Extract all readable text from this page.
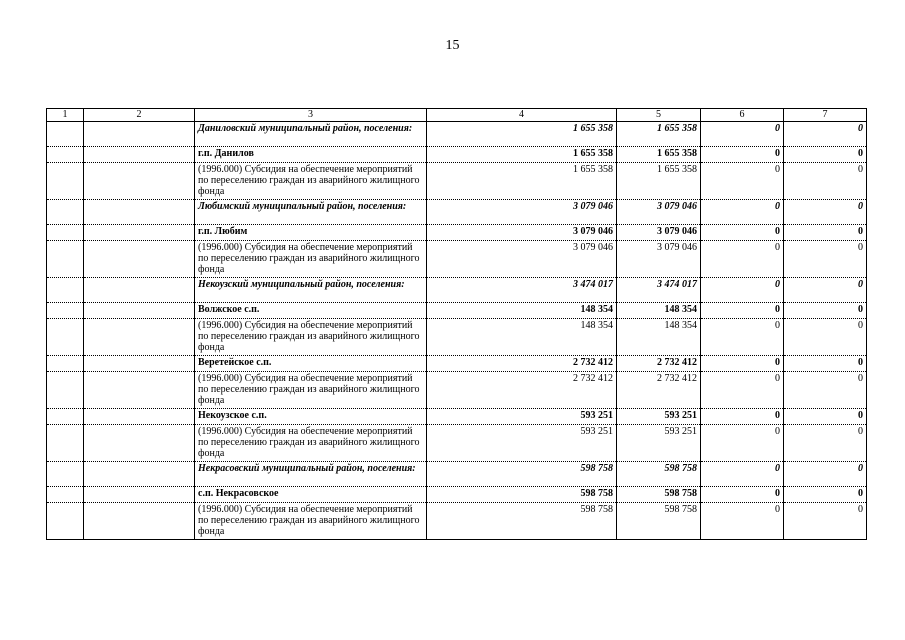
15
1	2	3	4	5	6	7
		Даниловский муниципальный район, поселения:	1 655 358	1 655 358	0	0
		г.п. Данилов	1 655 358	1 655 358	0	0
		(1996.000) Субсидия на обеспечение мероприятий по переселению граждан из аварийного жилищного фонда	1 655 358	1 655 358	0	0
		Любимский муниципальный район, поселения:	3 079 046	3 079 046	0	0
		г.п. Любим	3 079 046	3 079 046	0	0
		(1996.000) Субсидия на обеспечение мероприятий по переселению граждан из аварийного жилищного фонда	3 079 046	3 079 046	0	0
		Некоузский муниципальный район, поселения:	3 474 017	3 474 017	0	0
		Волжское с.п.	148 354	148 354	0	0
		(1996.000) Субсидия на обеспечение мероприятий по переселению граждан из аварийного жилищного фонда	148 354	148 354	0	0
		Веретейское с.п.	2 732 412	2 732 412	0	0
		(1996.000) Субсидия на обеспечение мероприятий по переселению граждан из аварийного жилищного фонда	2 732 412	2 732 412	0	0
		Некоузское с.п.	593 251	593 251	0	0
		(1996.000) Субсидия на обеспечение мероприятий по переселению граждан из аварийного жилищного фонда	593 251	593 251	0	0
		Некрасовский муниципальный район, поселения:	598 758	598 758	0	0
		с.п. Некрасовское	598 758	598 758	0	0
		(1996.000) Субсидия на обеспечение мероприятий по переселению граждан из аварийного жилищного фонда	598 758	598 758	0	0
